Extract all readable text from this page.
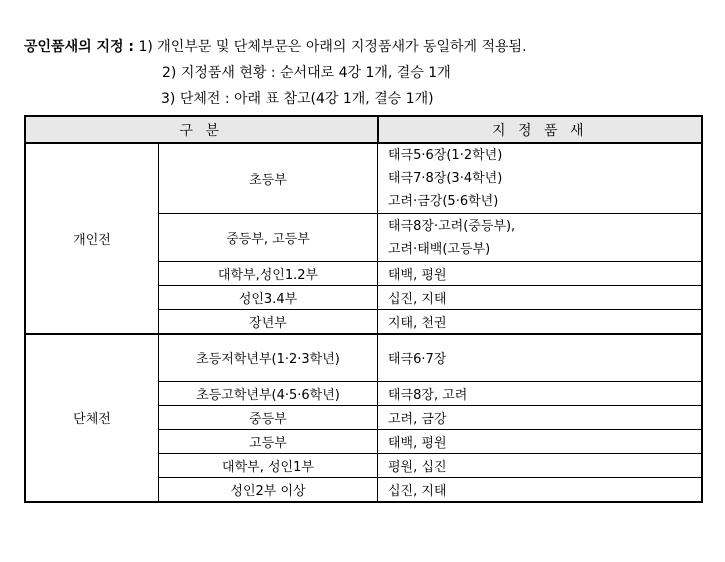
공인품새의 지정 : 1) 개인부문 및 단체부문은 아래의 지정품새가 동일하게 적용됨.
2) 지정품새 현황 : 순서대로 4강 1개, 결승 1개
3) 단체전 : 아래 표 참고(4강 1개, 결승 1개)
구 분		지 정 품 새
개인전	초등부	태극5·6장(1·2학년)
태극7·8장(3·4학년)
고려·금강(5·6학년)

	중등부, 고등부	태극8장·고려(중등부),
고려·태백(고등부)

	대학부,성인1.2부	태백, 평원
	성인3.4부	십진, 지태
	장년부	지태, 천권
단체전	초등저학년부(1·2·3학년)	태극6·7장
	초등고학년부(4·5·6학년)	태극8장, 고려
	중등부	고려, 금강
	고등부	태백, 평원
	대학부, 성인1부	평원, 십진
	성인2부 이상	십진, 지태
